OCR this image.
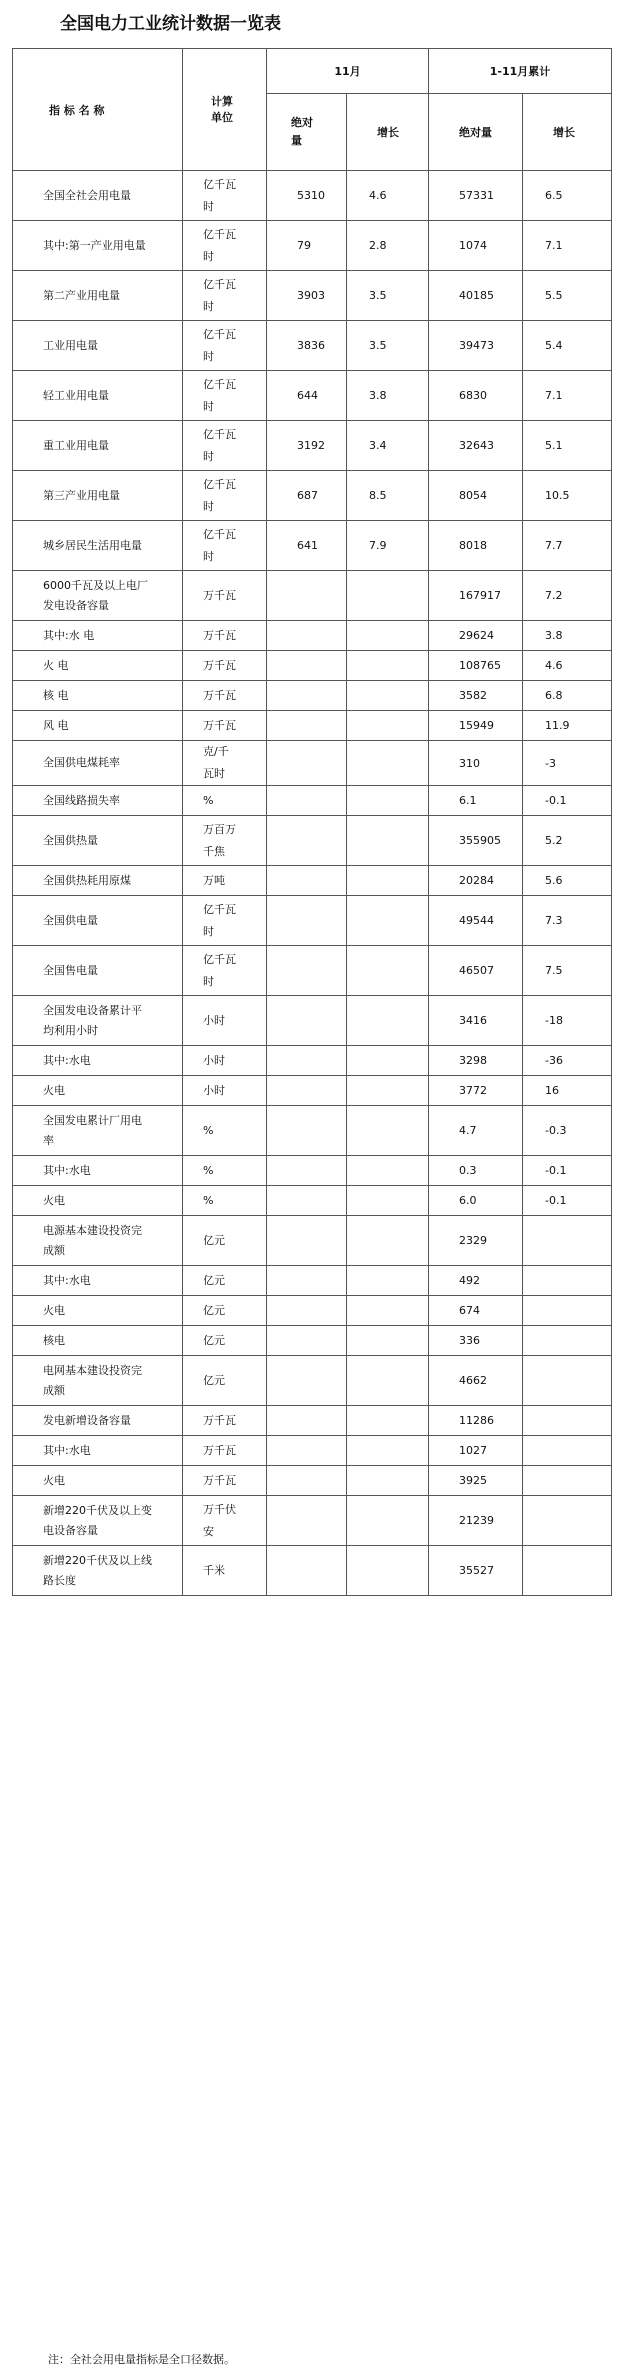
全国电力工业统计数据一览表
指 标 名 称	计算
单位	11月		1-11月累计	
		绝对
量	增长	绝对量	增长
全国全社会用电量	亿千瓦
时	5310	4.6	57331	6.5
其中:第一产业用电量	亿千瓦
时	79	2.8	1074	7.1
第二产业用电量	亿千瓦
时	3903	3.5	40185	5.5
工业用电量	亿千瓦
时	3836	3.5	39473	5.4
轻工业用电量	亿千瓦
时	644	3.8	6830	7.1
重工业用电量	亿千瓦
时	3192	3.4	32643	5.1
第三产业用电量	亿千瓦
时	687	8.5	8054	10.5
城乡居民生活用电量	亿千瓦
时	641	7.9	8018	7.7
6000千瓦及以上电厂
发电设备容量	万千瓦			167917	7.2
其中:水 电	万千瓦			29624	3.8
火 电	万千瓦			108765	4.6
核 电	万千瓦			3582	6.8
风 电	万千瓦			15949	11.9
全国供电煤耗率	克/千
瓦时			310	-3
全国线路损失率	%			6.1	-0.1
全国供热量	万百万
千焦			355905	5.2
全国供热耗用原煤	万吨			20284	5.6
全国供电量	亿千瓦
时			49544	7.3
全国售电量	亿千瓦
时			46507	7.5
全国发电设备累计平
均利用小时	小时			3416	-18
其中:水电	小时			3298	-36
火电	小时			3772	16
全国发电累计厂用电
率	%			4.7	-0.3
其中:水电	%			0.3	-0.1
火电	%			6.0	-0.1
电源基本建设投资完
成额	亿元			2329	
其中:水电	亿元			492	
火电	亿元			674	
核电	亿元			336	
电网基本建设投资完
成额	亿元			4662	
发电新增设备容量	万千瓦			11286	
其中:水电	万千瓦			1027	
火电	万千瓦			3925	
新增220千伏及以上变
电设备容量	万千伏
安			21239	
新增220千伏及以上线
路长度	千米			35527	
注：全社会用电量指标是全口径数据。
